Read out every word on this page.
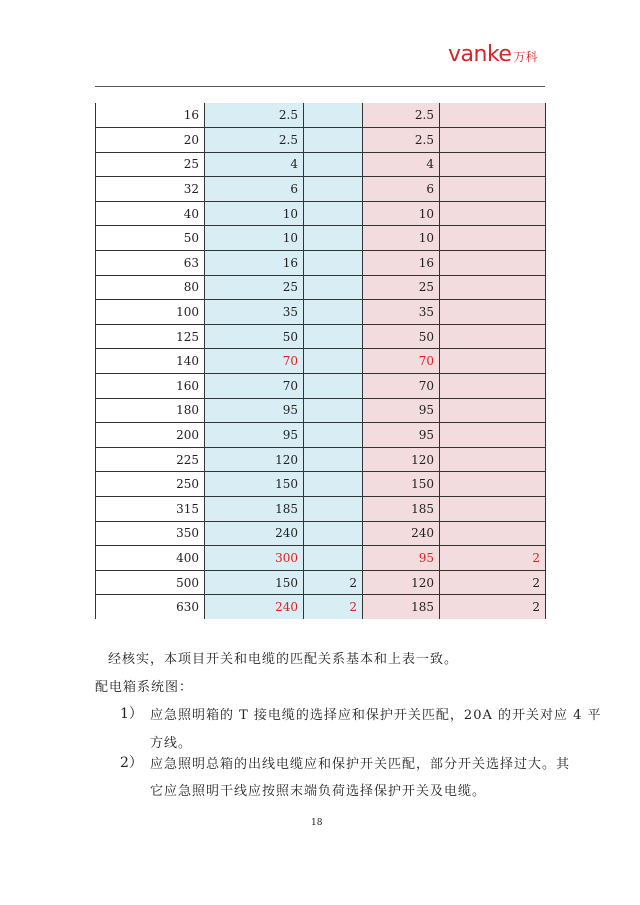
vanke 万科
16	2.5		2.5	
20	2.5		2.5	
25	4		4	
32	6		6	
40	10		10	
50	10		10	
63	16		16	
80	25		25	
100	35		35	
125	50		50	
140	70		70	
160	70		70	
180	95		95	
200	95		95	
225	120		120	
250	150		150	
315	185		185	
350	240		240	
400	300		95	2
500	150	2	120	2
630	240	2	185	2
经核实，本项目开关和电缆的匹配关系基本和上表一致。
配电箱系统图：
1） 应急照明箱的 T 接电缆的选择应和保护开关匹配，20A 的开关对应 4 平
方线。
2） 应急照明总箱的出线电缆应和保护开关匹配，部分开关选择过大。其
它应急照明干线应按照末端负荷选择保护开关及电缆。
18
